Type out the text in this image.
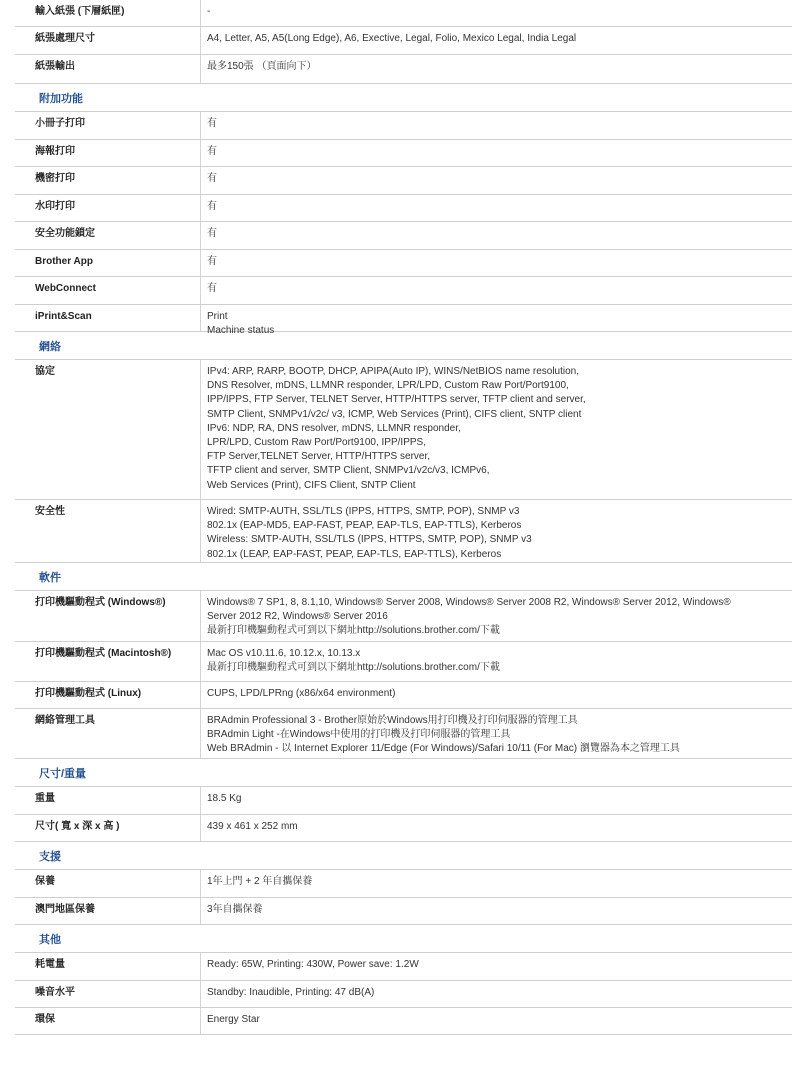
輸入紙張 (下層紙匣)	-
紙張處理尺寸	A4, Letter, A5, A5(Long Edge), A6, Exective, Legal, Folio, Mexico Legal, India Legal
紙張輸出	最多150張 （頁面向下）
附加功能
小冊子打印	有
海報打印	有
機密打印	有
水印打印	有
安全功能鎖定	有
Brother App	有
WebConnect	有
iPrint&Scan	Print
Machine status
網絡
協定	IPv4: ARP, RARP, BOOTP, DHCP, APIPA(Auto IP), WINS/NetBIOS name resolution,
DNS Resolver, mDNS, LLMNR responder, LPR/LPD, Custom Raw Port/Port9100,
IPP/IPPS, FTP Server, TELNET Server, HTTP/HTTPS server, TFTP client and server,
SMTP Client, SNMPv1/v2c/ v3, ICMP, Web Services (Print), CIFS client, SNTP client
IPv6: NDP, RA, DNS resolver, mDNS, LLMNR responder,
LPR/LPD, Custom Raw Port/Port9100, IPP/IPPS,
FTP Server,TELNET Server, HTTP/HTTPS server,
TFTP client and server, SMTP Client, SNMPv1/v2c/v3, ICMPv6,
Web Services (Print), CIFS Client, SNTP Client
安全性	Wired: SMTP-AUTH, SSL/TLS (IPPS, HTTPS, SMTP, POP), SNMP v3
802.1x (EAP-MD5, EAP-FAST, PEAP, EAP-TLS, EAP-TTLS), Kerberos
Wireless: SMTP-AUTH, SSL/TLS (IPPS, HTTPS, SMTP, POP), SNMP v3
802.1x (LEAP, EAP-FAST, PEAP, EAP-TLS, EAP-TTLS), Kerberos
軟件
打印機驅動程式 (Windows®)	Windows® 7 SP1, 8, 8.1,10, Windows® Server 2008, Windows® Server 2008 R2, Windows® Server 2012, Windows®
Server 2012 R2, Windows® Server 2016
最新打印機驅動程式可到以下網址http://solutions.brother.com/下載
打印機驅動程式 (Macintosh®)	Mac OS v10.11.6, 10.12.x, 10.13.x
最新打印機驅動程式可到以下網址http://solutions.brother.com/下載
打印機驅動程式 (Linux)	CUPS, LPD/LPRng (x86/x64 environment)
網絡管理工具	BRAdmin Professional 3 - Brother原始於Windows用打印機及打印伺服器的管理工具
BRAdmin Light -在Windows中使用的打印機及打印伺服器的管理工具
Web BRAdmin - 以 Internet Explorer 11/Edge (For Windows)/Safari 10/11 (For Mac) 瀏覽器為本之管理工具
尺寸/重量
重量	18.5 Kg
尺寸( 寬 x 深 x 高 )	439 x 461 x 252 mm
支援
保養	1年上門 + 2 年自攜保養
澳門地區保養	3年自攜保養
其他
耗電量	Ready: 65W, Printing: 430W, Power save: 1.2W
噪音水平	Standby: Inaudible, Printing: 47 dB(A)
環保	Energy Star
